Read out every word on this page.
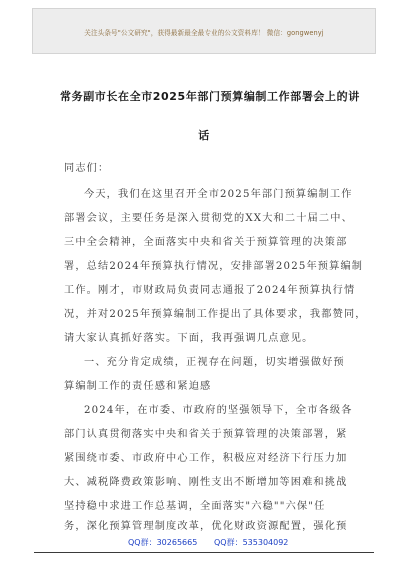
关注头条号"公文研究"，获得最新最全最专业的公文资料库！ 微信：gongwenyj
常务副市长在全市2025年部门预算编制工作部署会上的讲
话
同志们：
今天，我们在这里召开全市2025年部门预算编制工作
部署会议，主要任务是深入贯彻党的XX大和二十届二中、
三中全会精神，全面落实中央和省关于预算管理的决策部
署，总结2024年预算执行情况，安排部署2025年预算编制
工作。刚才，市财政局负责同志通报了2024年预算执行情
况，并对2025年预算编制工作提出了具体要求，我都赞同，
请大家认真抓好落实。下面，我再强调几点意见。
一、充分肯定成绩，正视存在问题，切实增强做好预
算编制工作的责任感和紧迫感
2024年，在市委、市政府的坚强领导下，全市各级各
部门认真贯彻落实中央和省关于预算管理的决策部署，紧
紧围绕市委、市政府中心工作，积极应对经济下行压力加
大、减税降费政策影响、刚性支出不断增加等困难和挑战
坚持稳中求进工作总基调，全面落实"六稳""六保"任
务，深化预算管理制度改革，优化财政资源配置，强化预
QQ群：30265665 QQ群：535304092
